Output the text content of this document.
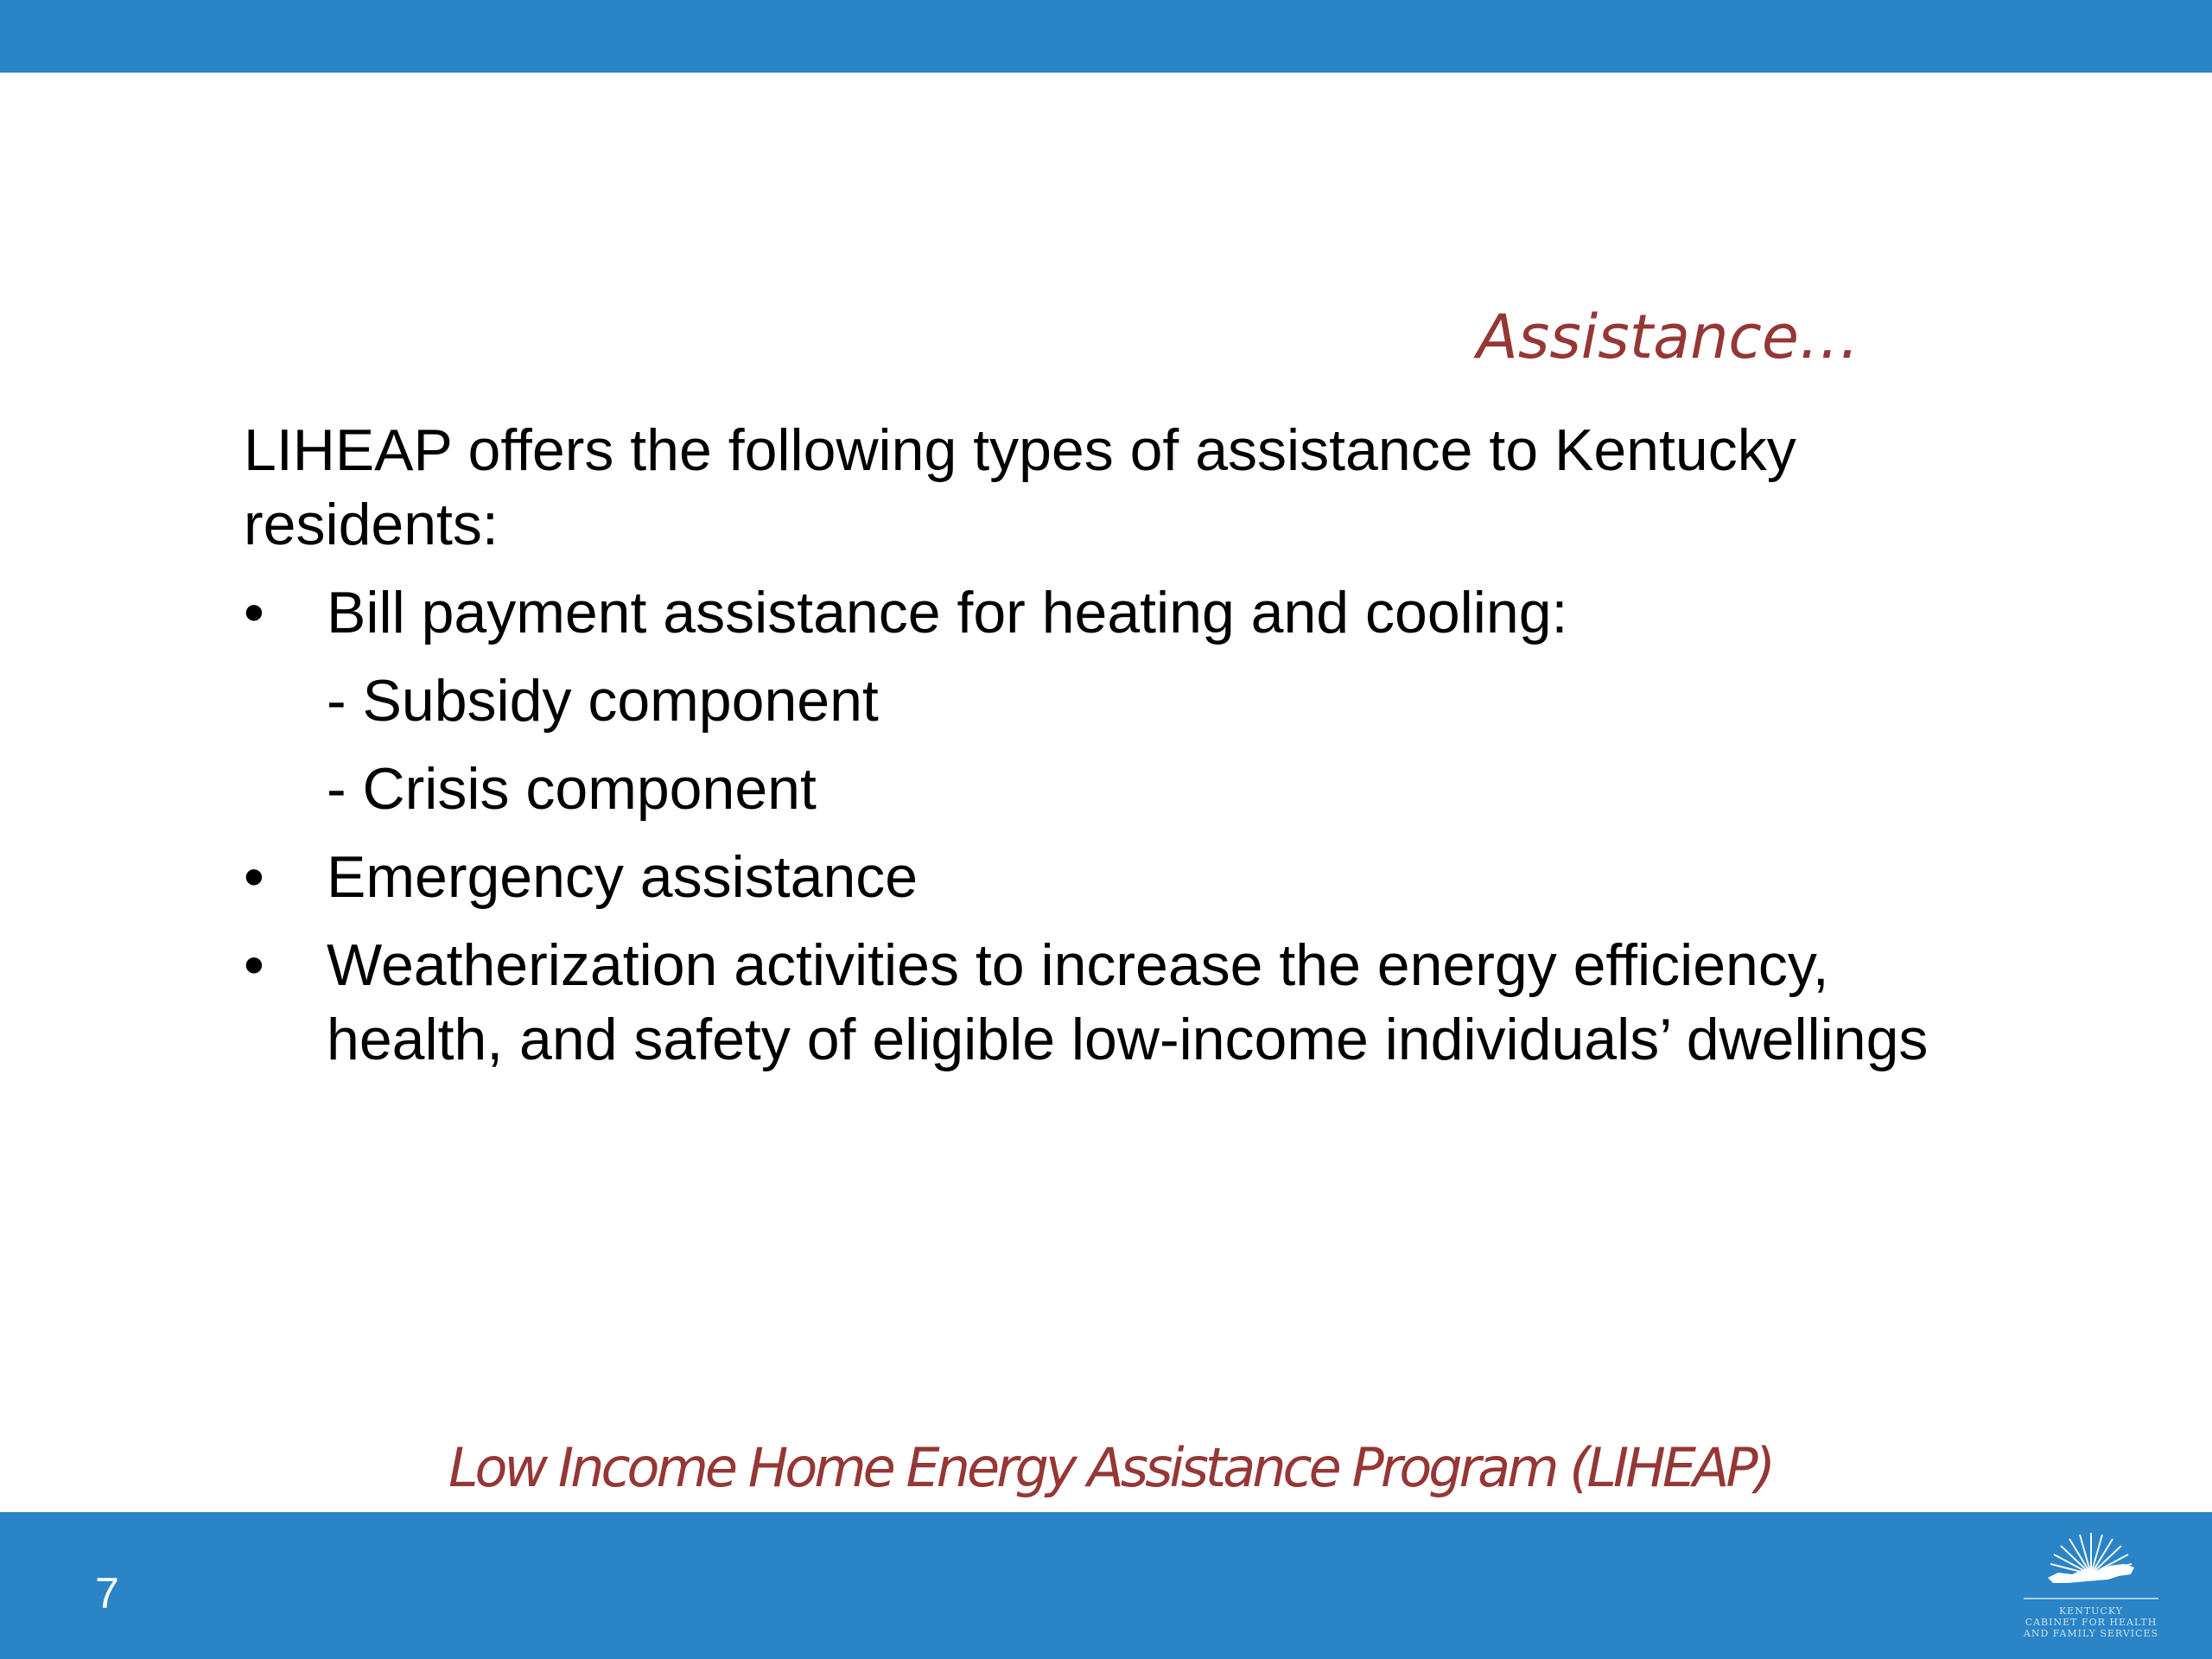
Assistance…
LIHEAP offers the following types of assistance to Kentucky residents:
•	Bill payment assistance for heating and cooling:
- Subsidy component
- Crisis component
•	Emergency assistance
•	Weatherization activities to increase the energy efficiency, health, and safety of eligible low-income individuals’ dwellings
Low Income Home Energy Assistance Program (LIHEAP)
7	KENTUCKY
CABINET FOR HEALTH
AND FAMILY SERVICES
